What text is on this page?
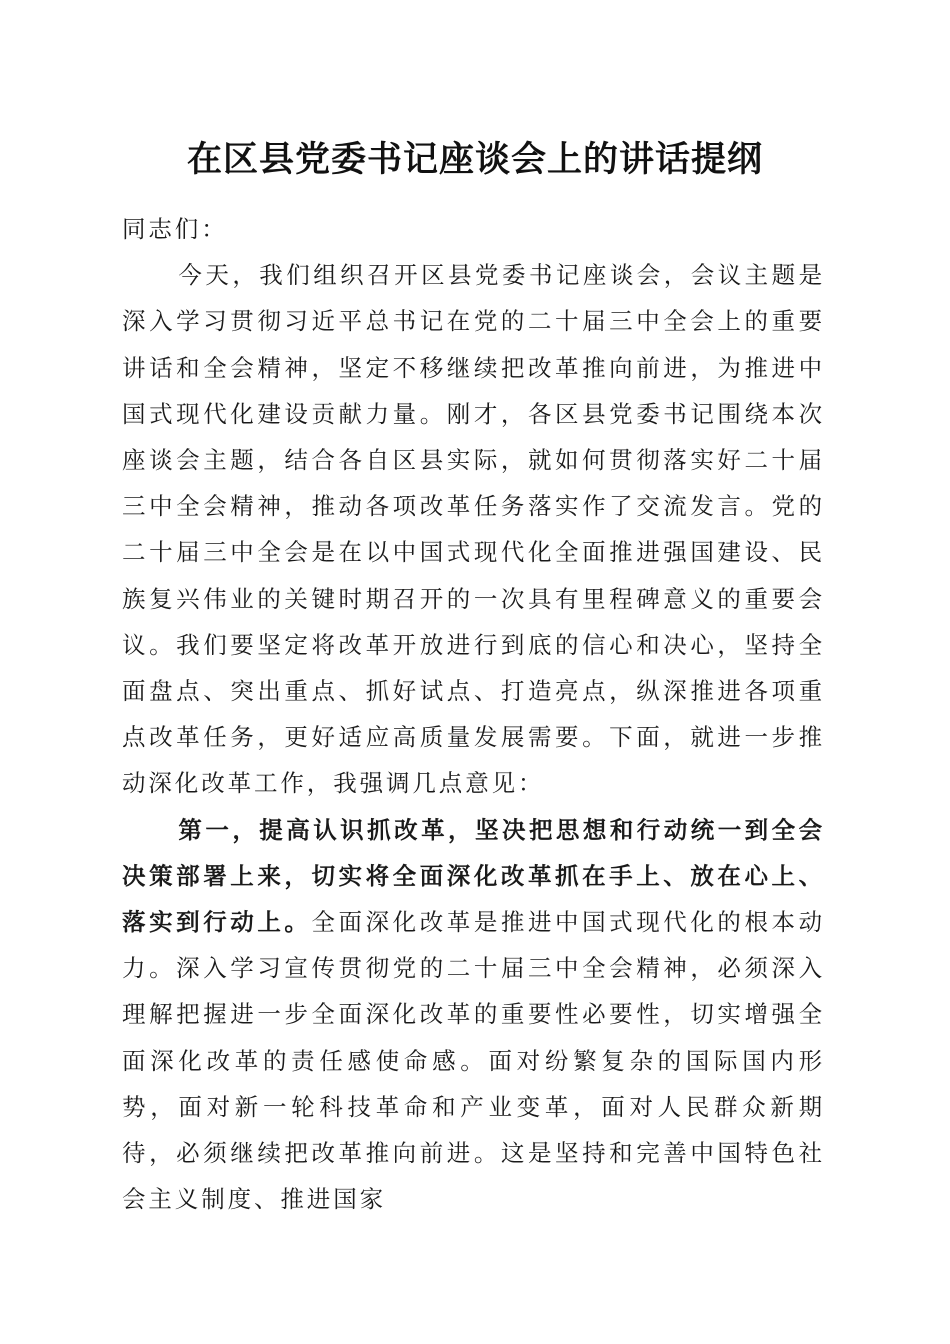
在区县党委书记座谈会上的讲话提纲

同志们：

今天，我们组织召开区县党委书记座谈会，会议主题是深入学习贯彻习近平总书记在党的二十届三中全会上的重要讲话和全会精神，坚定不移继续把改革推向前进，为推进中国式现代化建设贡献力量。刚才，各区县党委书记围绕本次座谈会主题，结合各自区县实际，就如何贯彻落实好二十届三中全会精神，推动各项改革任务落实作了交流发言。党的二十届三中全会是在以中国式现代化全面推进强国建设、民族复兴伟业的关键时期召开的一次具有里程碑意义的重要会议。我们要坚定将改革开放进行到底的信心和决心，坚持全面盘点、突出重点、抓好试点、打造亮点，纵深推进各项重点改革任务，更好适应高质量发展需要。下面，就进一步推动深化改革工作，我强调几点意见：

第一，提高认识抓改革，坚决把思想和行动统一到全会决策部署上来，切实将全面深化改革抓在手上、放在心上、落实到行动上。全面深化改革是推进中国式现代化的根本动力。深入学习宣传贯彻党的二十届三中全会精神，必须深入理解把握进一步全面深化改革的重要性必要性，切实增强全面深化改革的责任感使命感。面对纷繁复杂的国际国内形势，面对新一轮科技革命和产业变革，面对人民群众新期待，必须继续把改革推向前进。这是坚持和完善中国特色社会主义制度、推进国家
